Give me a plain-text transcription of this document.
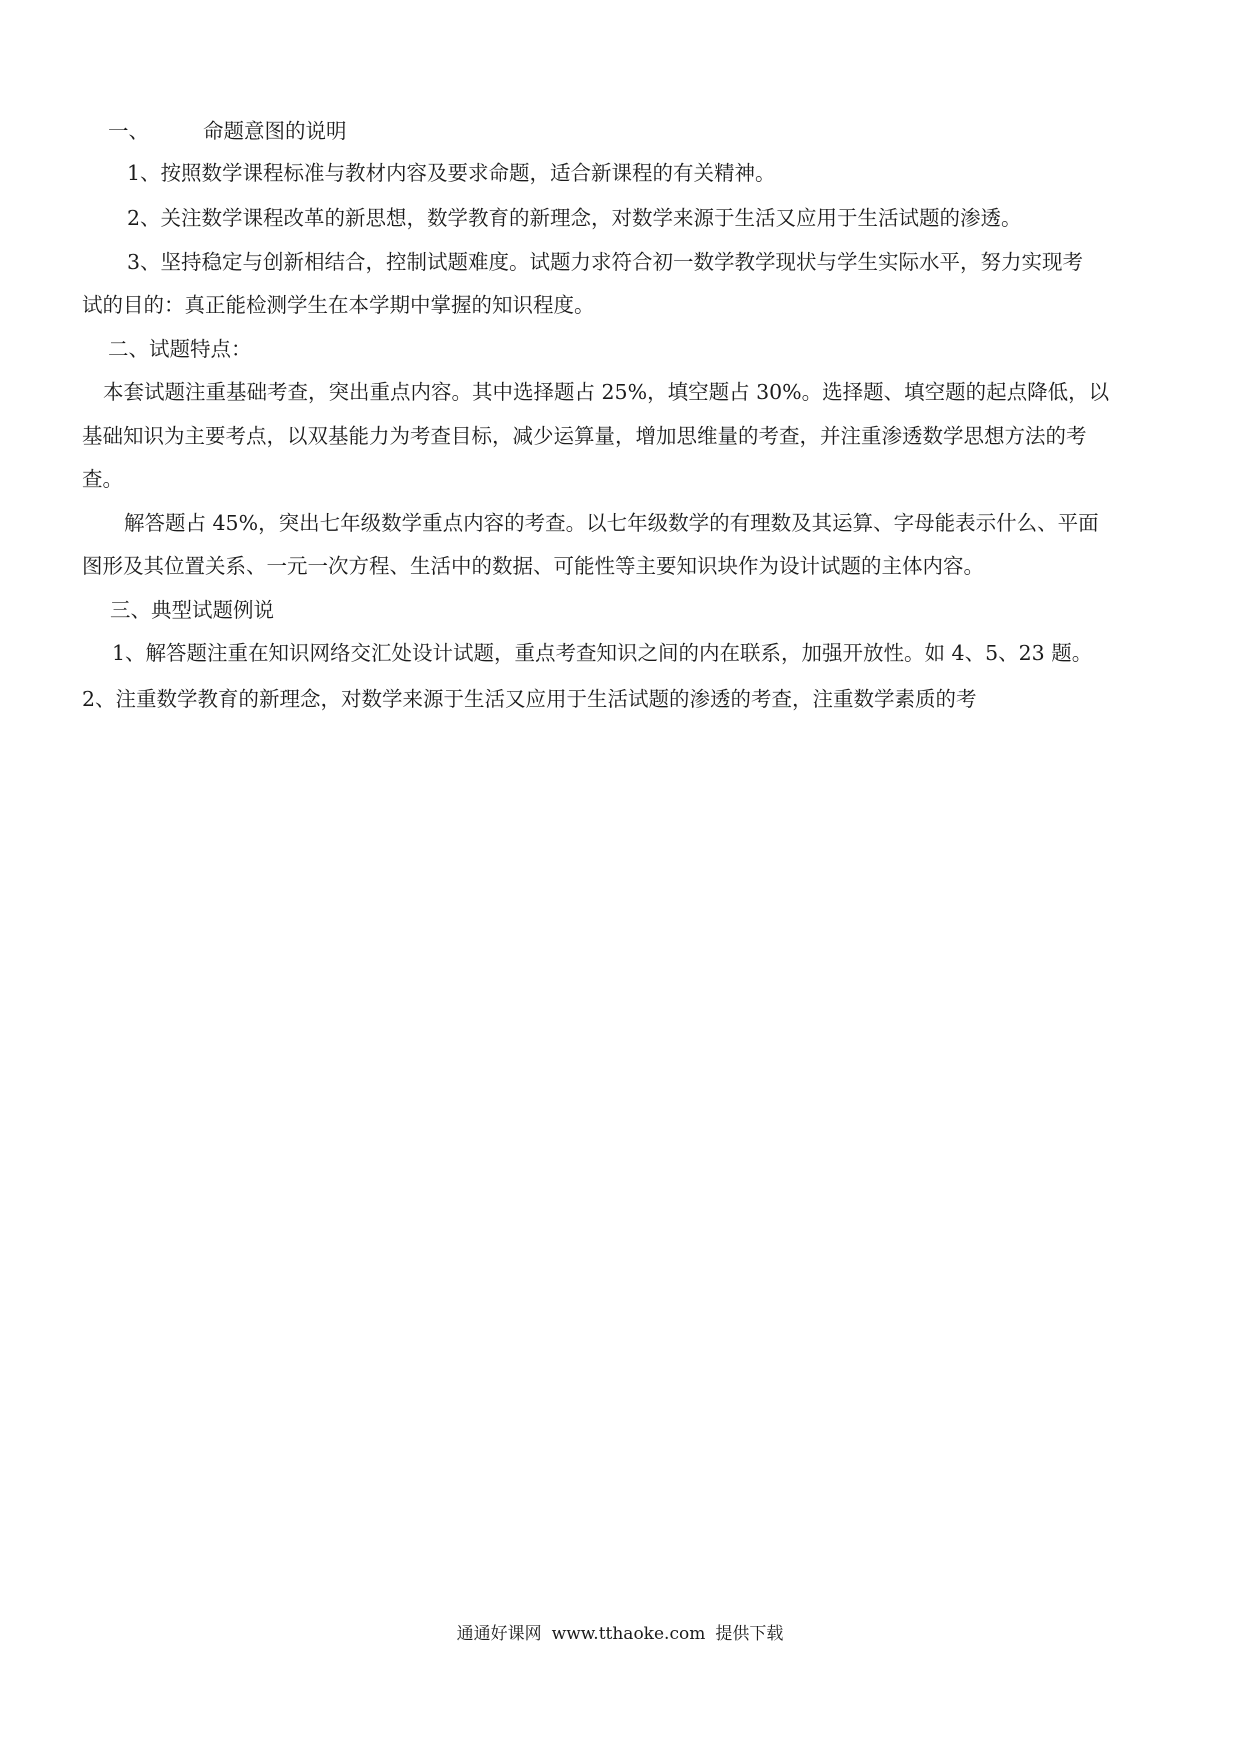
一、	命题意图的说明
1、按照数学课程标准与教材内容及要求命题，适合新课程的有关精神。
2、关注数学课程改革的新思想，数学教育的新理念，对数学来源于生活又应用于生活试题的渗透。
3、坚持稳定与创新相结合，控制试题难度。试题力求符合初一数学教学现状与学生实际水平，努力实现考
试的目的：真正能检测学生在本学期中掌握的知识程度。
二、试题特点：
本套试题注重基础考查，突出重点内容。其中选择题占 25%，填空题占 30%。选择题、填空题的起点降低，以
基础知识为主要考点，以双基能力为考查目标，减少运算量，增加思维量的考查，并注重渗透数学思想方法的考
查。
解答题占 45%，突出七年级数学重点内容的考查。以七年级数学的有理数及其运算、字母能表示什么、平面
图形及其位置关系、一元一次方程、生活中的数据、可能性等主要知识块作为设计试题的主体内容。
三、典型试题例说
1、解答题注重在知识网络交汇处设计试题，重点考查知识之间的内在联系，加强开放性。如 4、5、23 题。
2、注重数学教育的新理念，对数学来源于生活又应用于生活试题的渗透的考查，注重数学素质的考
通通好课网 www.tthaoke.com 提供下载
